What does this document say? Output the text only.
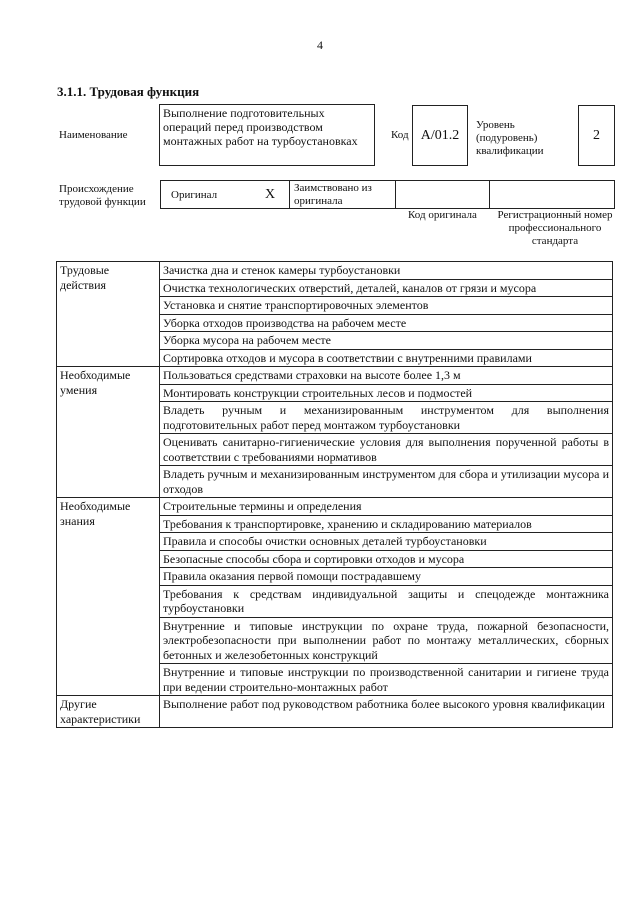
4
3.1.1. Трудовая функция
Наименование
Выполнение подготовительных операций перед производством монтажных работ на турбоустановках	Код А/01.2
Уровень (подуровень) квалификации
2
Происхождение трудовой функции
Оригинал	X Заимствовано из оригинала
Код оригинала	Регистрационный номер профессионального стандарта
Трудовые действия	Зачистка дна и стенок камеры турбоустановки
	Очистка технологических отверстий, деталей, каналов от грязи и мусора
	Установка и снятие транспортировочных элементов
	Уборка отходов производства на рабочем месте
	Уборка мусора на рабочем месте
	Сортировка отходов и мусора в соответствии с внутренними правилами
Необходимые умения	Пользоваться средствами страховки на высоте более 1,3 м
	Монтировать конструкции строительных лесов и подмостей
	Владеть ручным и механизированным инструментом для выполнения подготовительных работ перед монтажом турбоустановки
	Оценивать санитарно-гигиенические условия для выполнения порученной работы в соответствии с требованиями нормативов
	Владеть ручным и механизированным инструментом для сбора и утилизации мусора и отходов
Необходимые знания	Строительные термины и определения
	Требования к транспортировке, хранению и складированию материалов
	Правила и способы очистки основных деталей турбоустановки
	Безопасные способы сбора и сортировки отходов и мусора
	Правила оказания первой помощи пострадавшему
	Требования к средствам индивидуальной защиты и спецодежде монтажника турбоустановки
	Внутренние и типовые инструкции по охране труда, пожарной безопасности, электробезопасности при выполнении работ по монтажу металлических, сборных бетонных и железобетонных конструкций
	Внутренние и типовые инструкции по производственной санитарии и гигиене труда при ведении строительно-монтажных работ
Другие характеристики	Выполнение работ под руководством работника более высокого уровня квалификации
